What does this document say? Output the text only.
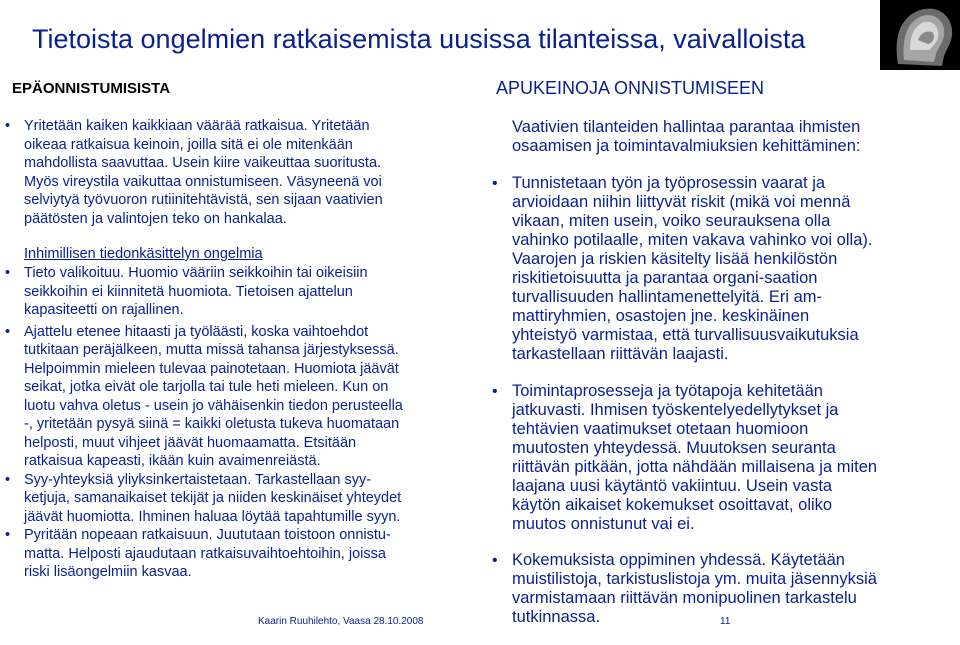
Tietoista ongelmien ratkaisemista uusissa tilanteissa, vaivalloista
EPÄONNISTUMISISTA	APUKEINOJA ONNISTUMISEEN
• Yritetään kaiken kaikkiaan väärää ratkaisua. Yritetään
oikeaa ratkaisua keinoin, joilla sitä ei ole mitenkään
mahdollista saavuttaa. Usein kiire vaikeuttaa suoritusta.
Myös vireystila vaikuttaa onnistumiseen. Väsyneenä voi
selviytyä työvuoron rutiinitehtävistä, sen sijaan vaativien
päätösten ja valintojen teko on hankalaa.
Inhimillisen tiedonkäsittelyn ongelmia
• Tieto valikoituu. Huomio vääriin seikkoihin tai oikeisiin
seikkoihin ei kiinnitetä huomiota. Tietoisen ajattelun
kapasiteetti on rajallinen.
• Ajattelu etenee hitaasti ja työläästi, koska vaihtoehdot
tutkitaan peräjälkeen, mutta missä tahansa järjestyksessä.
Helpoimmin mieleen tulevaa painotetaan. Huomiota jäävät
seikat, jotka eivät ole tarjolla tai tule heti mieleen. Kun on
luotu vahva oletus - usein jo vähäisenkin tiedon perusteella
-, yritetään pysyä siinä = kaikki oletusta tukeva huomataan
helposti, muut vihjeet jäävät huomaamatta. Etsitään
ratkaisua kapeasti, ikään kuin avaimenreiästä.
• Syy-yhteyksiä yliyksinkertaistetaan. Tarkastellaan syy-
ketjuja, samanaikaiset tekijät ja niiden keskinäiset yhteydet
jäävät huomiotta. Ihminen haluaa löytää tapahtumille syyn.
• Pyritään nopeaan ratkaisuun. Juututaan toistoon onnistu-
matta. Helposti ajaudutaan ratkaisuvaihtoehtoihin, joissa
riski lisäongelmiin kasvaa.
Vaativien tilanteiden hallintaa parantaa ihmisten
osaamisen ja toimintavalmiuksien kehittäminen:
• Tunnistetaan työn ja työprosessin vaarat ja
arvioidaan niihin liittyvät riskit (mikä voi mennä
vikaan, miten usein, voiko seurauksena olla
vahinko potilaalle, miten vakava vahinko voi olla).
Vaarojen ja riskien käsitelty lisää henkilöstön
riskitietoisuutta ja parantaa organi-saation
turvallisuuden hallintamenettelyitä. Eri am-
mattiryhmien, osastojen jne. keskinäinen
yhteistyö varmistaa, että turvallisuusvaikutuksia
tarkastellaan riittävän laajasti.
• Toimintaprosesseja ja työtapoja kehitetään
jatkuvasti. Ihmisen työskentelyedellytykset ja
tehtävien vaatimukset otetaan huomioon
muutosten yhteydessä. Muutoksen seuranta
riittävän pitkään, jotta nähdään millaisena ja miten
laajana uusi käytäntö vakiintuu. Usein vasta
käytön aikaiset kokemukset osoittavat, oliko
muutos onnistunut vai ei.
• Kokemuksista oppiminen yhdessä. Käytetään
muistilistoja, tarkistuslistoja ym. muita jäsennyksiä
varmistamaan riittävän monipuolinen tarkastelu
tutkinnassa.
Kaarin Ruuhilehto, Vaasa 28.10.2008	11
